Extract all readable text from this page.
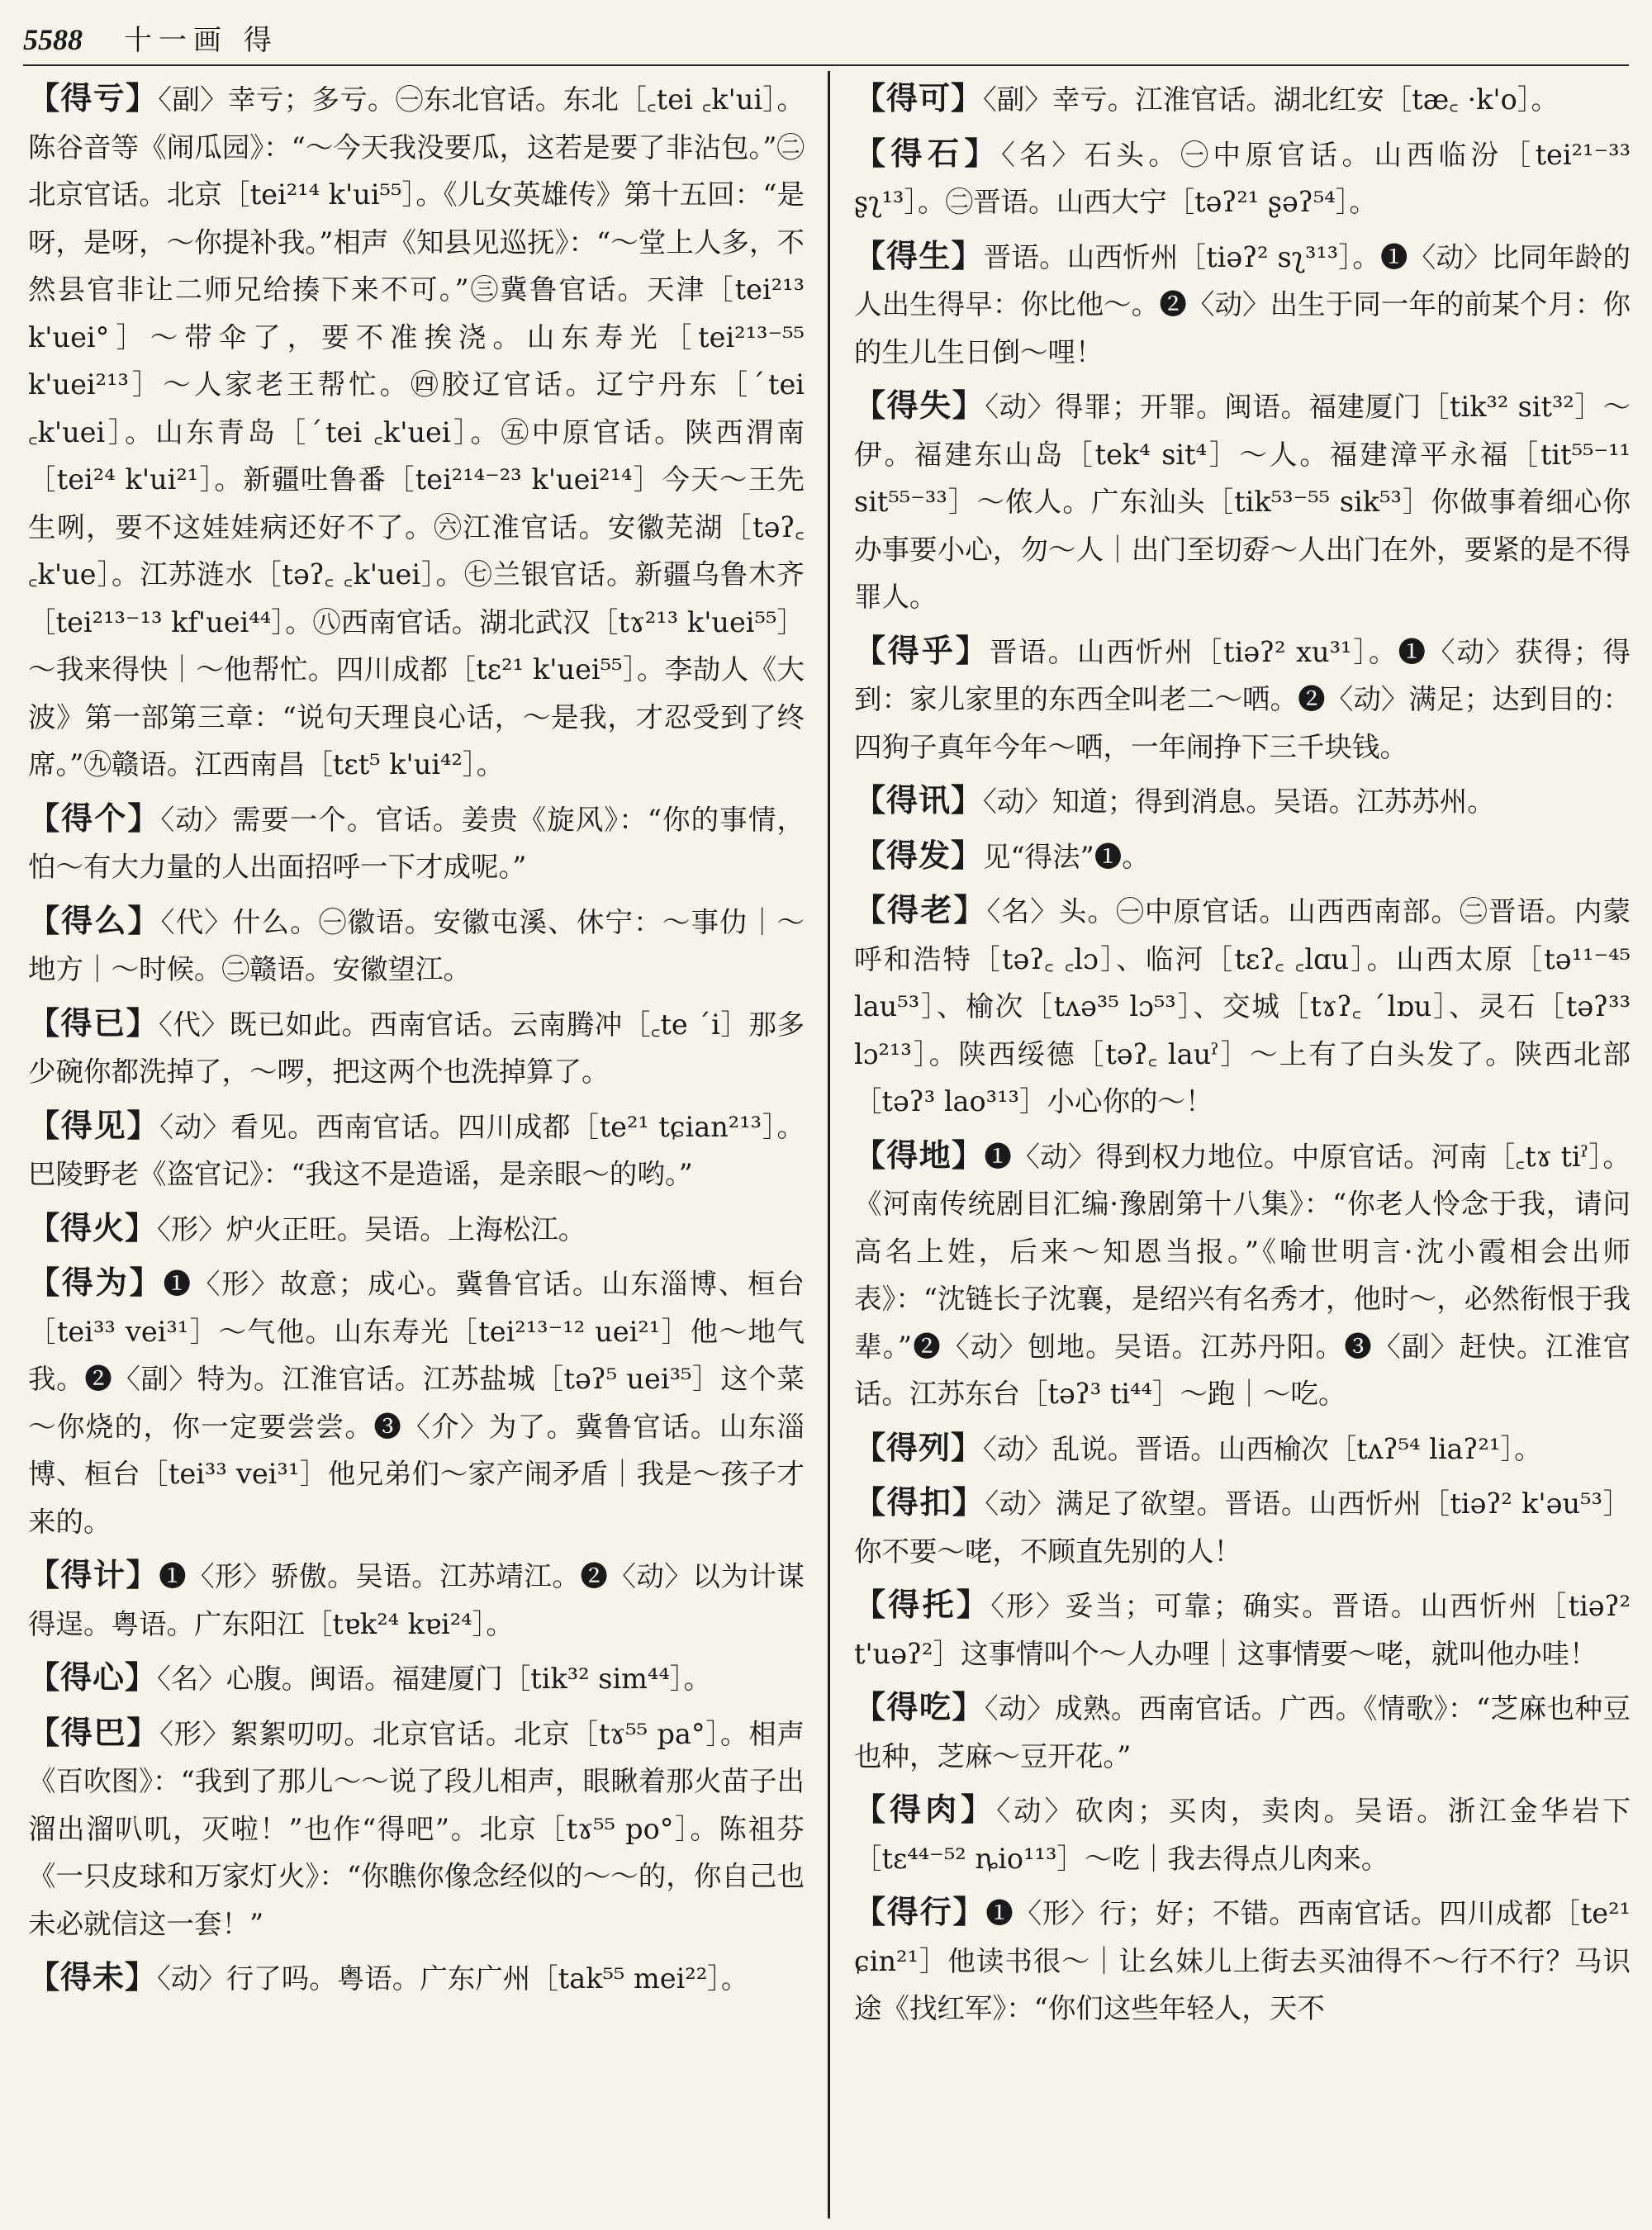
5588 十一画 得

【得亏】〈副〉幸亏；多亏。㊀东北官话。东北［꜀tei ꜀k'ui］。陈谷音等《闹瓜园》：“～今天我没要瓜，这若是要了非沾包。”㊁北京官话。北京［tei²¹⁴ k'ui⁵⁵］。《儿女英雄传》第十五回：“是呀，是呀，～你提补我。”相声《知县见巡抚》：“～堂上人多，不然县官非让二师兄给揍下来不可。”㊂冀鲁官话。天津［tei²¹³ k'uei°］～带伞了，要不准挨浇。山东寿光［tei²¹³⁻⁵⁵ k'uei²¹³］～人家老王帮忙。㊃胶辽官话。辽宁丹东［ˊtei ꜀k'uei］。山东青岛［ˊtei ꜀k'uei］。㊄中原官话。陕西渭南［tei²⁴ k'ui²¹］。新疆吐鲁番［tei²¹⁴⁻²³ k'uei²¹⁴］今天～王先生咧，要不这娃娃病还好不了。㊅江淮官话。安徽芜湖［təʔ꜀ ꜀k'ue］。江苏涟水［təʔ꜀ ꜀k'uei］。㊆兰银官话。新疆乌鲁木齐［tei²¹³⁻¹³ kf'uei⁴⁴］。㊇西南官话。湖北武汉［tɤ²¹³ k'uei⁵⁵］～我来得快｜～他帮忙。四川成都［tɛ²¹ k'uei⁵⁵］。李劼人《大波》第一部第三章：“说句天理良心话，～是我，才忍受到了终席。”㊈赣语。江西南昌［tɛt⁵ k'ui⁴²］。

【得个】〈动〉需要一个。官话。姜贵《旋风》：“你的事情，怕～有大力量的人出面招呼一下才成呢。”

【得么】〈代〉什么。㊀徽语。安徽屯溪、休宁：～事仂｜～地方｜～时候。㊁赣语。安徽望江。

【得已】〈代〉既已如此。西南官话。云南腾冲［꜀te ˊi］那多少碗你都洗掉了，～啰，把这两个也洗掉算了。

【得见】〈动〉看见。西南官话。四川成都［te²¹ tɕian²¹³］。巴陵野老《盗官记》：“我这不是造谣，是亲眼～的哟。”

【得火】〈形〉炉火正旺。吴语。上海松江。

【得为】❶〈形〉故意；成心。冀鲁官话。山东淄博、桓台［tei³³ vei³¹］～气他。山东寿光［tei²¹³⁻¹² uei²¹］他～地气我。❷〈副〉特为。江淮官话。江苏盐城［təʔ⁵ uei³⁵］这个菜～你烧的，你一定要尝尝。❸〈介〉为了。冀鲁官话。山东淄博、桓台［tei³³ vei³¹］他兄弟们～家产闹矛盾｜我是～孩子才来的。

【得计】❶〈形〉骄傲。吴语。江苏靖江。❷〈动〉以为计谋得逞。粤语。广东阳江［tɐk²⁴ kɐi²⁴］。

【得心】〈名〉心腹。闽语。福建厦门［tik³² sim⁴⁴］。

【得巴】〈形〉絮絮叨叨。北京官话。北京［tɤ⁵⁵ pa°］。相声《百吹图》：“我到了那儿～～说了段儿相声，眼瞅着那火苗子出溜出溜叭叽，灭啦！”也作“得吧”。北京［tɤ⁵⁵ po°］。陈祖芬《一只皮球和万家灯火》：“你瞧你像念经似的～～的，你自己也未必就信这一套！”

【得未】〈动〉行了吗。粤语。广东广州［tak⁵⁵ mei²²］。

【得可】〈副〉幸亏。江淮官话。湖北红安［tæ꜀ ·k'o］。

【得石】〈名〉石头。㊀中原官话。山西临汾［tei²¹⁻³³ ʂʅ¹³］。㊁晋语。山西大宁［təʔ²¹ ʂəʔ⁵⁴］。

【得生】晋语。山西忻州［tiəʔ² sʅ³¹³］。❶〈动〉比同年龄的人出生得早：你比他～。❷〈动〉出生于同一年的前某个月：你的生儿生日倒～哩！

【得失】〈动〉得罪；开罪。闽语。福建厦门［tik³² sit³²］～伊。福建东山岛［tek⁴ sit⁴］～人。福建漳平永福［tit⁵⁵⁻¹¹ sit⁵⁵⁻³³］～侬人。广东汕头［tik⁵³⁻⁵⁵ sik⁵³］你做事着细心你办事要小心，勿～人｜出门至切孬～人出门在外，要紧的是不得罪人。

【得乎】晋语。山西忻州［tiəʔ² xu³¹］。❶〈动〉获得；得到：家儿家里的东西全叫老二～哂。❷〈动〉满足；达到目的：四狗子真年今年～哂，一年闹挣下三千块钱。

【得讯】〈动〉知道；得到消息。吴语。江苏苏州。

【得发】见“得法”❶。

【得老】〈名〉头。㊀中原官话。山西西南部。㊁晋语。内蒙呼和浩特［təʔ꜀ ꜀lɔ］、临河［tɛʔ꜀ ꜀lɑu］。山西太原［tə¹¹⁻⁴⁵ lau⁵³］、榆次［tʌə³⁵ lɔ⁵³］、交城［tɤʔ꜀ ˊlɒu］、灵石［təʔ³³ lɔ²¹³］。陕西绥德［təʔ꜀ lauˀ］～上有了白头发了。陕西北部［təʔ³ lao³¹³］小心你的～！

【得地】❶〈动〉得到权力地位。中原官话。河南［꜀tɤ tiˀ］。《河南传统剧目汇编·豫剧第十八集》：“你老人怜念于我，请问高名上姓，后来～知恩当报。”《喻世明言·沈小霞相会出师表》：“沈链长子沈襄，是绍兴有名秀才，他时～，必然衔恨于我辈。”❷〈动〉刨地。吴语。江苏丹阳。❸〈副〉赶快。江淮官话。江苏东台［təʔ³ ti⁴⁴］～跑｜～吃。

【得列】〈动〉乱说。晋语。山西榆次［tʌʔ⁵⁴ liaʔ²¹］。

【得扣】〈动〉满足了欲望。晋语。山西忻州［tiəʔ² k'əu⁵³］你不要～咾，不顾直先别的人！

【得托】〈形〉妥当；可靠；确实。晋语。山西忻州［tiəʔ² t'uəʔ²］这事情叫个～人办哩｜这事情要～咾，就叫他办哇！

【得吃】〈动〉成熟。西南官话。广西。《情歌》：“芝麻也种豆也种，芝麻～豆开花。”

【得肉】〈动〉砍肉；买肉，卖肉。吴语。浙江金华岩下［tɛ⁴⁴⁻⁵² ȵio¹¹³］～吃｜我去得点儿肉来。

【得行】❶〈形〉行；好；不错。西南官话。四川成都［te²¹ ɕin²¹］他读书很～｜让幺妹儿上街去买油得不～行不行？马识途《找红军》：“你们这些年轻人，天不
